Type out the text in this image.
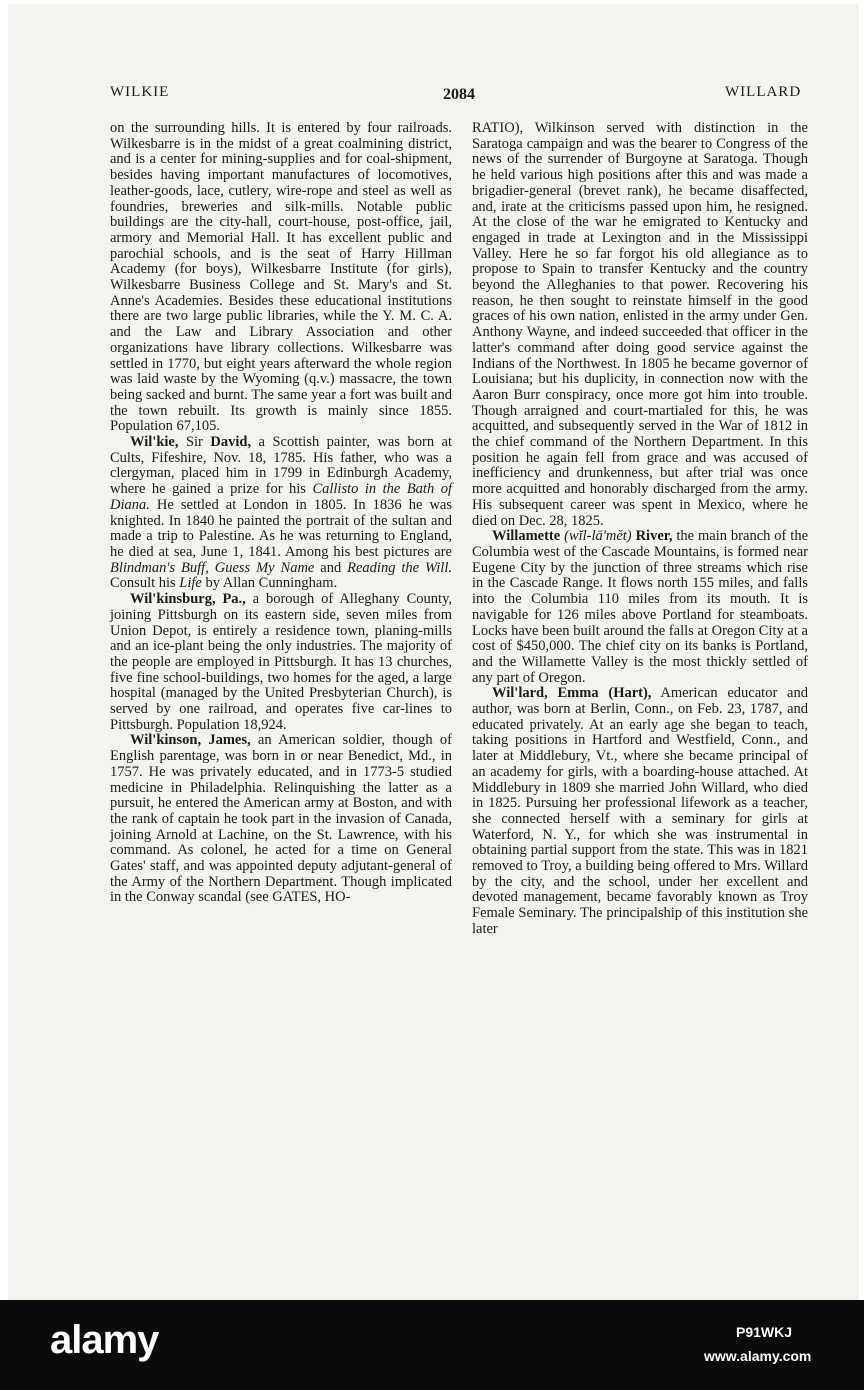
WILKIE	2084	WILLARD

on the surrounding hills. It is entered by four railroads. Wilkesbarre is in the midst of a great coalmining district, and is a center for mining-supplies and for coal-shipment, besides having important manufactures of locomotives, leather-goods, lace, cutlery, wire-rope and steel as well as foundries, breweries and silk-mills. Notable public buildings are the city-hall, court-house, post-office, jail, armory and Memorial Hall. It has excellent public and parochial schools, and is the seat of Harry Hillman Academy (for boys), Wilkesbarre Institute (for girls), Wilkesbarre Business College and St. Mary's and St. Anne's Academies. Besides these educational institutions there are two large public libraries, while the Y. M. C. A. and the Law and Library Association and other organizations have library collections. Wilkesbarre was settled in 1770, but eight years afterward the whole region was laid waste by the Wyoming (q.v.) massacre, the town being sacked and burnt. The same year a fort was built and the town rebuilt. Its growth is mainly since 1855. Population 67,105.

Wil'kie, Sir David, a Scottish painter, was born at Cults, Fifeshire, Nov. 18, 1785. His father, who was a clergyman, placed him in 1799 in Edinburgh Academy, where he gained a prize for his Callisto in the Bath of Diana. He settled at London in 1805. In 1836 he was knighted. In 1840 he painted the portrait of the sultan and made a trip to Palestine. As he was returning to England, he died at sea, June 1, 1841. Among his best pictures are Blindman's Buff, Guess My Name and Reading the Will. Consult his Life by Allan Cunningham.

Wil'kinsburg, Pa., a borough of Alleghany County, joining Pittsburgh on its eastern side, seven miles from Union Depot, is entirely a residence town, planing-mills and an ice-plant being the only industries. The majority of the people are employed in Pittsburgh. It has 13 churches, five fine school-buildings, two homes for the aged, a large hospital (managed by the United Presbyterian Church), is served by one railroad, and operates five car-lines to Pittsburgh. Population 18,924.

Wil'kinson, James, an American soldier, though of English parentage, was born in or near Benedict, Md., in 1757. He was privately educated, and in 1773-5 studied medicine in Philadelphia. Relinquishing the latter as a pursuit, he entered the American army at Boston, and with the rank of captain he took part in the invasion of Canada, joining Arnold at Lachine, on the St. Lawrence, with his command. As colonel, he acted for a time on General Gates' staff, and was appointed deputy adjutant-general of the Army of the Northern Department. Though implicated in the Conway scandal (see GATES, HO-

RATIO), Wilkinson served with distinction in the Saratoga campaign and was the bearer to Congress of the news of the surrender of Burgoyne at Saratoga. Though he held various high positions after this and was made a brigadier-general (brevet rank), he became disaffected, and, irate at the criticisms passed upon him, he resigned. At the close of the war he emigrated to Kentucky and engaged in trade at Lexington and in the Mississippi Valley. Here he so far forgot his old allegiance as to propose to Spain to transfer Kentucky and the country beyond the Alleghanies to that power. Recovering his reason, he then sought to reinstate himself in the good graces of his own nation, enlisted in the army under Gen. Anthony Wayne, and indeed succeeded that officer in the latter's command after doing good service against the Indians of the Northwest. In 1805 he became governor of Louisiana; but his duplicity, in connection now with the Aaron Burr conspiracy, once more got him into trouble. Though arraigned and court-martialed for this, he was acquitted, and subsequently served in the War of 1812 in the chief command of the Northern Department. In this position he again fell from grace and was accused of inefficiency and drunkenness, but after trial was once more acquitted and honorably discharged from the army. His subsequent career was spent in Mexico, where he died on Dec. 28, 1825.

Willamette (wĭl-lā'mĕt) River, the main branch of the Columbia west of the Cascade Mountains, is formed near Eugene City by the junction of three streams which rise in the Cascade Range. It flows north 155 miles, and falls into the Columbia 110 miles from its mouth. It is navigable for 126 miles above Portland for steamboats. Locks have been built around the falls at Oregon City at a cost of $450,000. The chief city on its banks is Portland, and the Willamette Valley is the most thickly settled of any part of Oregon.

Wil'lard, Emma (Hart), American educator and author, was born at Berlin, Conn., on Feb. 23, 1787, and educated privately. At an early age she began to teach, taking positions in Hartford and Westfield, Conn., and later at Middlebury, Vt., where she became principal of an academy for girls, with a boarding-house attached. At Middlebury in 1809 she married John Willard, who died in 1825. Pursuing her professional lifework as a teacher, she connected herself with a seminary for girls at Waterford, N. Y., for which she was instrumental in obtaining partial support from the state. This was in 1821 removed to Troy, a building being offered to Mrs. Willard by the city, and the school, under her excellent and devoted management, became favorably known as Troy Female Seminary. The principalship of this institution she later

alamy	P91WKJ
www.alamy.com
